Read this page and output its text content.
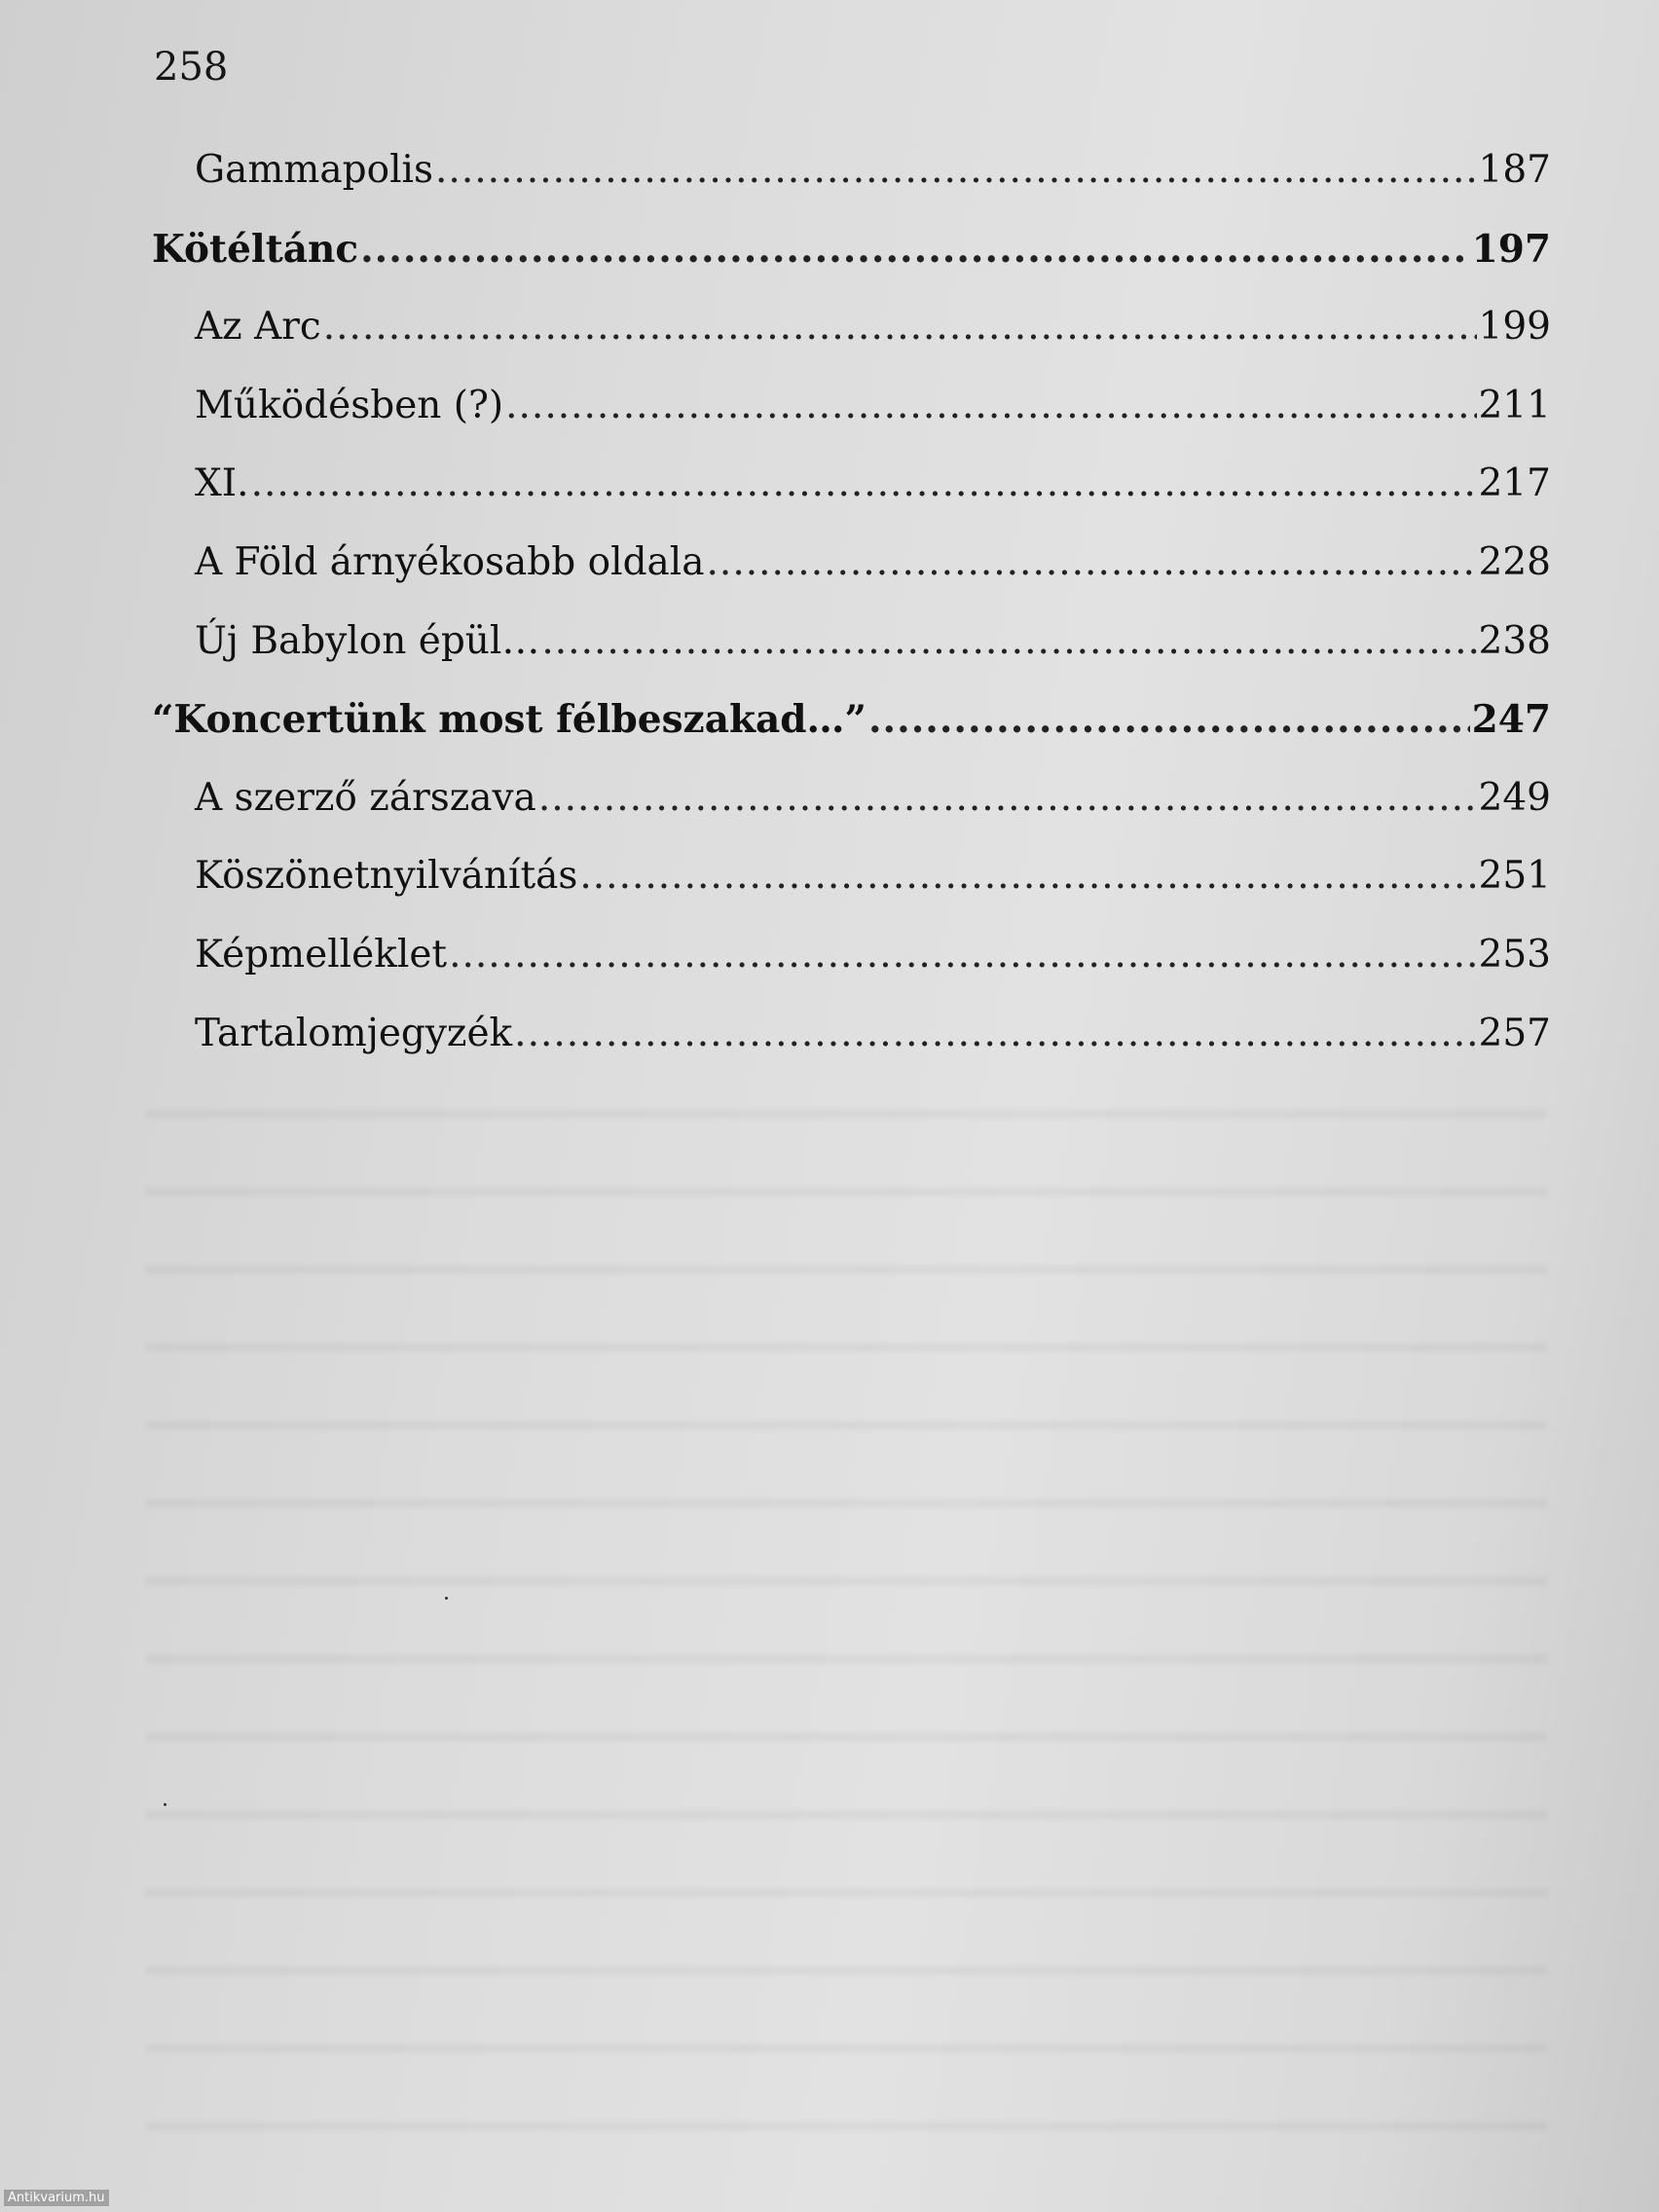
258
Gammapolis .....	187
Kötéltánc .....	197
Az Arc .....	199
Működésben (?) .....	211
XI. .....	217
A Föld árnyékosabb oldala .....	228
Új Babylon épül… .....	238
“Koncertünk most félbeszakad…” .....	247
A szerző zárszava .....	249
Köszönetnyilvánítás .....	251
Képmelléklet .....	253
Tartalomjegyzék .....	257
Antikvarium.hu
